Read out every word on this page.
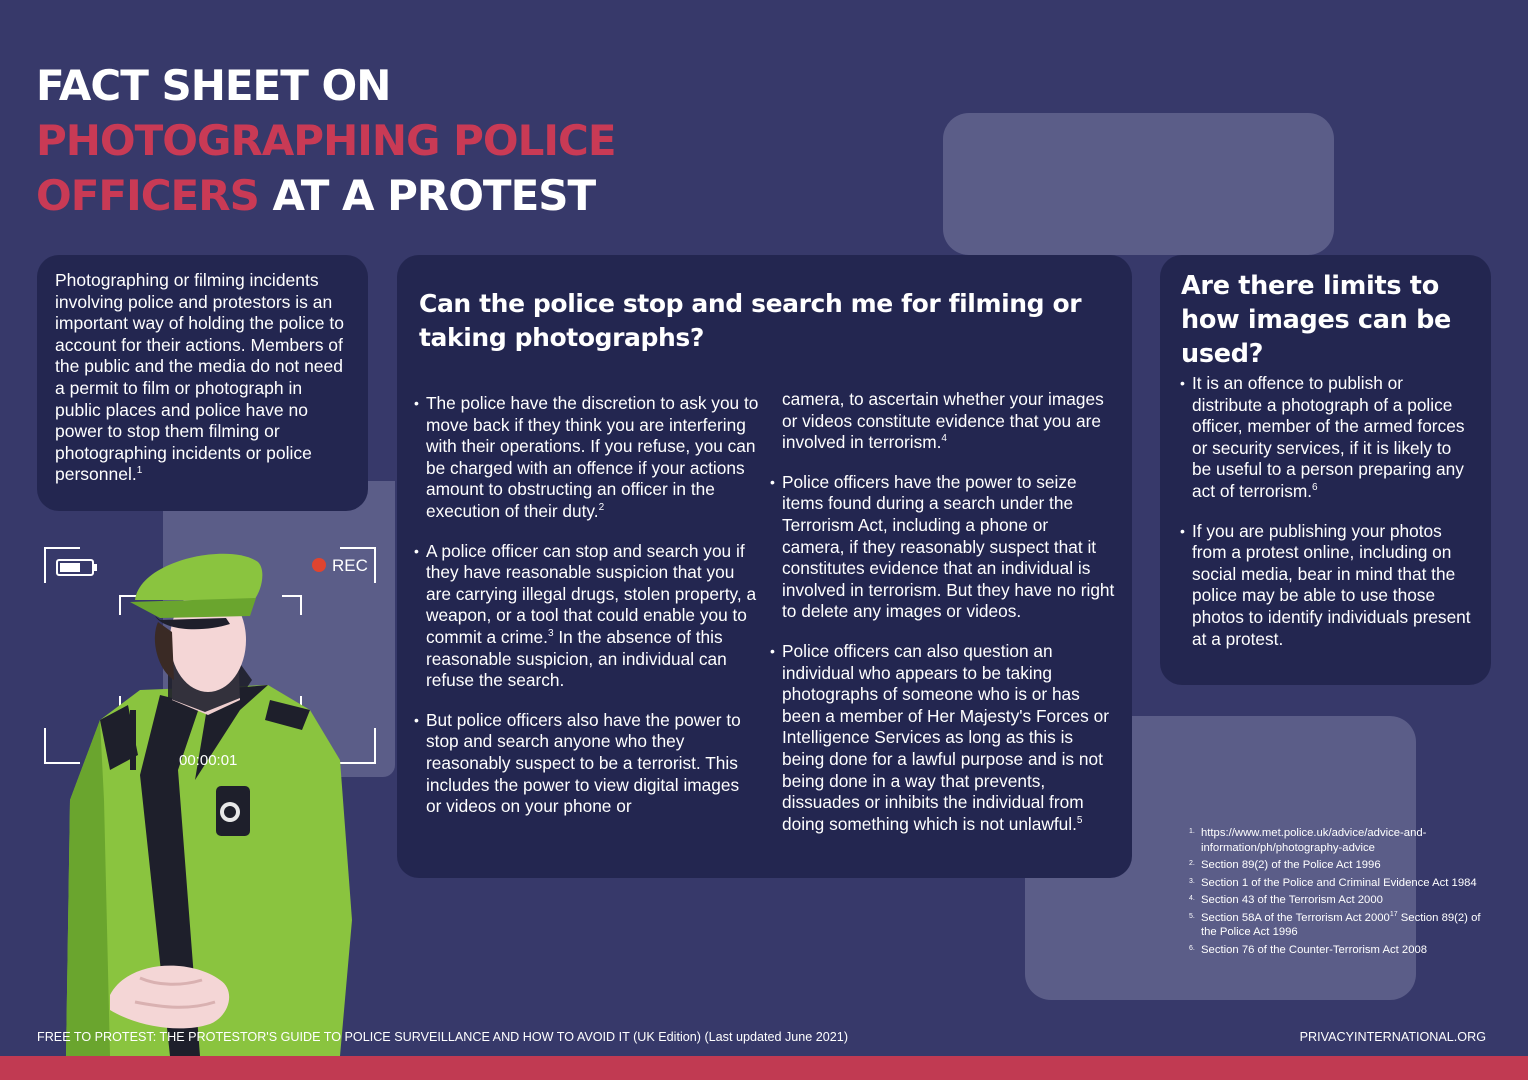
FACT SHEET ON
PHOTOGRAPHING POLICE
OFFICERS AT A PROTEST

Photographing or filming incidents involving police and protestors is an important way of holding the police to account for their actions. Members of the public and the media do not need a permit to film or photograph in public places and police have no power to stop them filming or photographing incidents or police personnel.$^1$

Can the police stop and search me for filming or taking photographs?
• The police have the discretion to ask you to move back if they think you are interfering with their operations. If you refuse, you can be charged with an offence if your actions amount to obstructing an officer in the execution of their duty.$^2$
• A police officer can stop and search you if they have reasonable suspicion that you are carrying illegal drugs, stolen property, a weapon, or a tool that could enable you to commit a crime.$^3$ In the absence of this reasonable suspicion, an individual can refuse the search.
• But police officers also have the power to stop and search anyone who they reasonably suspect to be a terrorist. This includes the power to view digital images or videos on your phone or

camera, to ascertain whether your images or videos constitute evidence that you are involved in terrorism.$^4$

• Police officers have the power to seize items found during a search under the Terrorism Act, including a phone or camera, if they reasonably suspect that it constitutes evidence that an individual is involved in terrorism. But they have no right to delete any images or videos.
• Police officers can also question an individual who appears to be taking photographs of someone who is or has been a member of Her Majesty's Forces or Intelligence Services as long as this is being done for a lawful purpose and is not being done in a way that prevents, dissuades or inhibits the individual from doing something which is not unlawful.$^5$
Are there limits to how images can be used?
• It is an offence to publish or distribute a photograph of a police officer, member of the armed forces or security services, if it is likely to be useful to a person preparing any act of terrorism.$^6$
• If you are publishing your photos from a protest online, including on social media, bear in mind that the police may be able to use those photos to identify individuals present at a protest.
REC
00:00:01
1. https://www.met.police.uk/advice/advice-and-information/ph/photography-advice
2. Section 89(2) of the Police Act 1996
3. Section 1 of the Police and Criminal Evidence Act 1984
4. Section 43 of the Terrorism Act 2000
5. Section 58A of the Terrorism Act 2000$^{17}$ Section 89(2) of the Police Act 1996
6. Section 76 of the Counter-Terrorism Act 2008
FREE TO PROTEST: THE PROTESTOR'S GUIDE TO POLICE SURVEILLANCE AND HOW TO AVOID IT (UK Edition) (Last updated June 2021)	PRIVACYINTERNATIONAL.ORG
